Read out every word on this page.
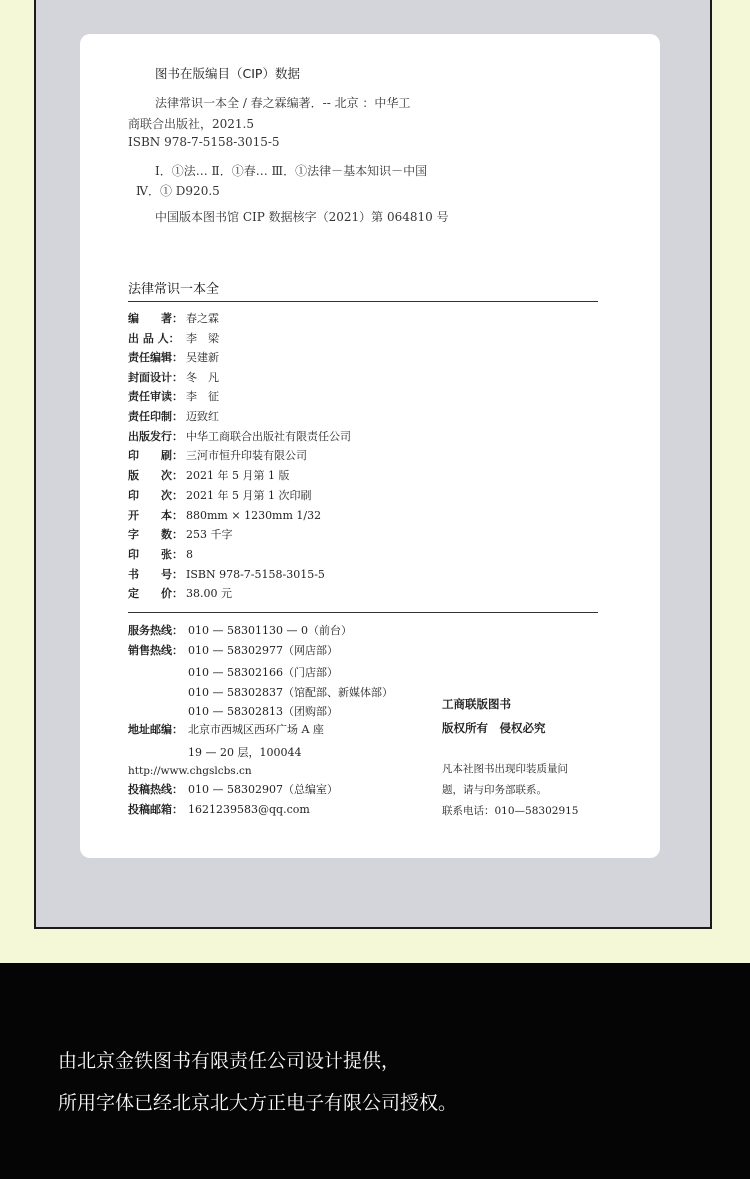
图书在版编目（CIP）数据
法律常识一本全 / 春之霖编著．-- 北京 ：中华工
商联合出版社，2021.5
ISBN 978-7-5158-3015-5
Ⅰ．①法… Ⅱ．①春… Ⅲ．①法律－基本知识－中国
Ⅳ．① D920.5
中国版本图书馆 CIP 数据核字（2021）第 064810 号
法律常识一本全
编　　著： 春之霖
出 品 人： 李　梁
责任编辑： 吴建新
封面设计： 冬　凡
责任审读： 李　征
责任印制： 迈致红
出版发行： 中华工商联合出版社有限责任公司
印　　刷： 三河市恒升印装有限公司
版　　次： 2021 年 5 月第 1 版
印　　次： 2021 年 5 月第 1 次印刷
开　　本： 880mm × 1230mm 1/32
字　　数： 253 千字
印　　张： 8
书　　号： ISBN 978-7-5158-3015-5
定　　价： 38.00 元
服务热线： 010 — 58301130 — 0（前台）
销售热线： 010 — 58302977（网店部）
010 — 58302166（门店部）
010 — 58302837（馆配部、新媒体部）
010 — 58302813（团购部）
地址邮编： 北京市西城区西环广场 A 座
19 — 20 层，100044
http://www.chgslcbs.cn
投稿热线： 010 — 58302907（总编室）
投稿邮箱： 1621239583@qq.com
工商联版图书
版权所有　侵权必究
凡本社图书出现印装质量问
题，请与印务部联系。
联系电话：010—58302915
由北京金铁图书有限责任公司设计提供，
所用字体已经北京北大方正电子有限公司授权。
